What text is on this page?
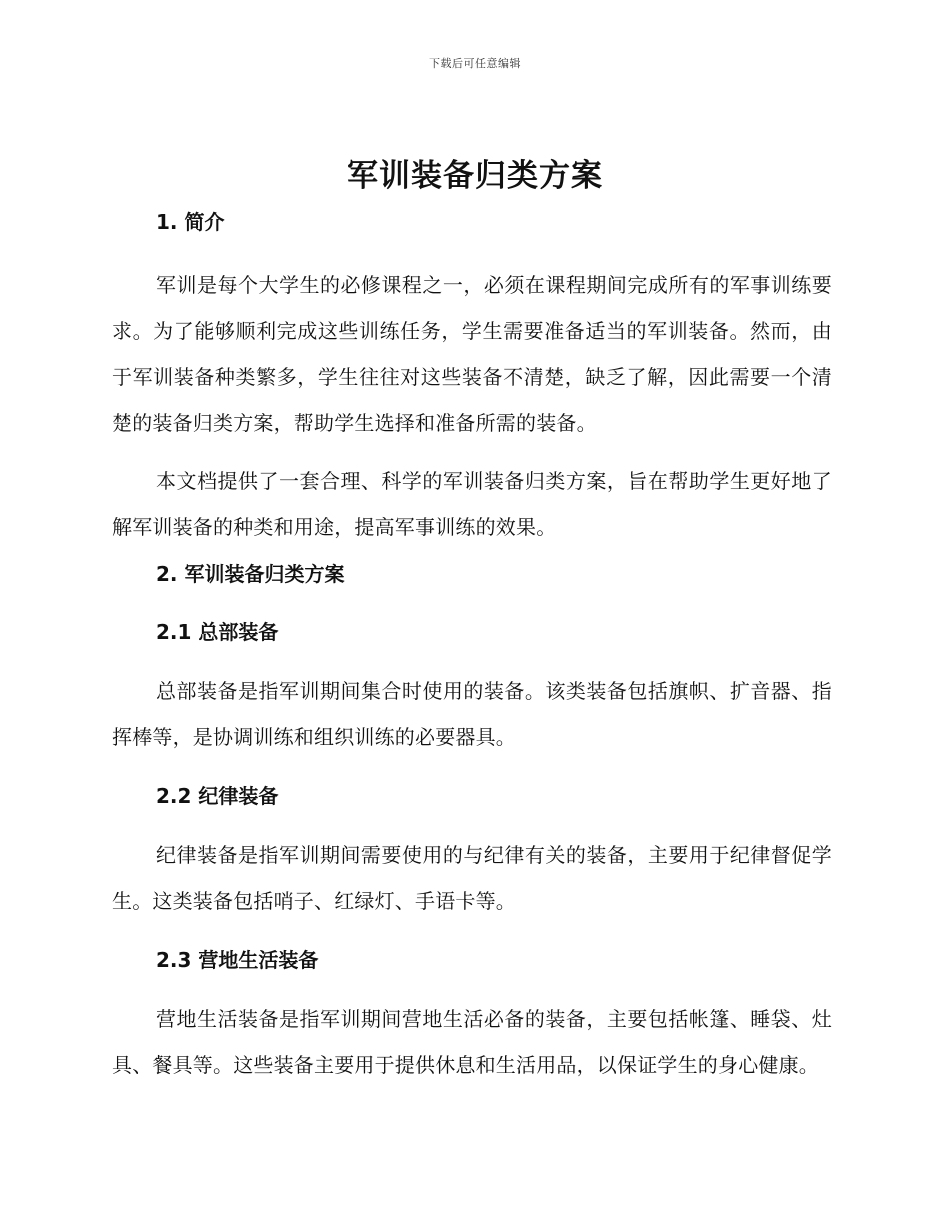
下载后可任意编辑
军训装备归类方案
1. 简介

军训是每个大学生的必修课程之一，必须在课程期间完成所有的军事训练要求。为了能够顺利完成这些训练任务，学生需要准备适当的军训装备。然而，由于军训装备种类繁多，学生往往对这些装备不清楚，缺乏了解，因此需要一个清楚的装备归类方案，帮助学生选择和准备所需的装备。

本文档提供了一套合理、科学的军训装备归类方案，旨在帮助学生更好地了解军训装备的种类和用途，提高军事训练的效果。

2. 军训装备归类方案
2.1 总部装备

总部装备是指军训期间集合时使用的装备。该类装备包括旗帜、扩音器、指挥棒等，是协调训练和组织训练的必要器具。

2.2 纪律装备

纪律装备是指军训期间需要使用的与纪律有关的装备，主要用于纪律督促学生。这类装备包括哨子、红绿灯、手语卡等。

2.3 营地生活装备

营地生活装备是指军训期间营地生活必备的装备，主要包括帐篷、睡袋、灶具、餐具等。这些装备主要用于提供休息和生活用品，以保证学生的身心健康。
